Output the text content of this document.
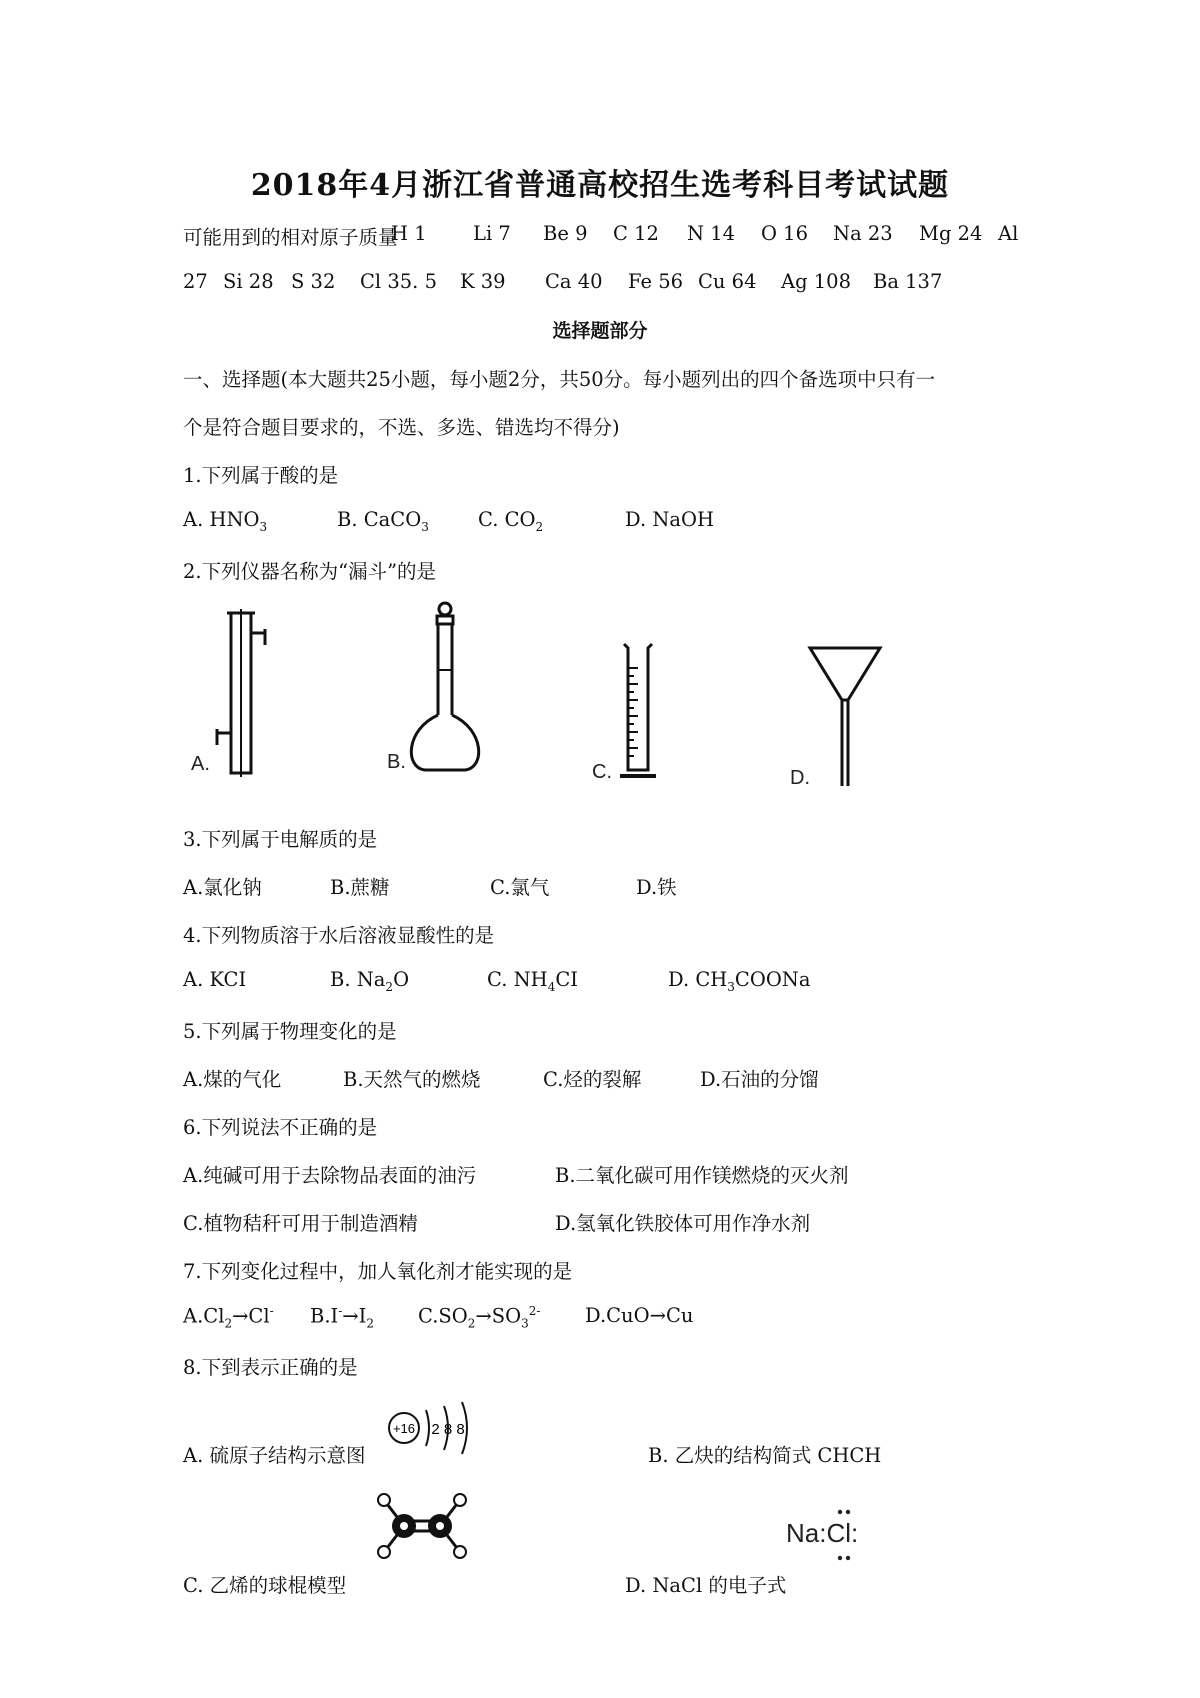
2018年4月浙江省普通高校招生选考科目考试试题
可能用到的相对原子质量
H 1 Li 7 Be 9 C 12 N 14 O 16 Na 23 Mg 24 Al
27 Si 28 S 32 Cl 35. 5 K 39 Ca 40 Fe 56 Cu 64 Ag 108 Ba 137
选择题部分
一、选择题(本大题共25小题，每小题2分，共50分。每小题列出的四个备选项中只有一
个是符合题目要求的，不选、多选、错选均不得分)
1.下列属于酸的是
A. $HNO_3$	B. CaCO$_3$	C. $CO_2$	D. NaOH
2.下列仪器名称为“漏斗”的是
A.	B.	C.	D.
3.下列属于电解质的是
A.氯化钠	B.蔗糖	C.氯气	D.铁
4.下列物质溶于水后溶液显酸性的是
A. KCI	B. $Na_2O$	C. $NH_4CI$	D. $CH_3COONa$
5.下列属于物理变化的是
A.煤的气化	B.天然气的燃烧	C.烃的裂解	D.石油的分馏
6.下列说法不正确的是
A.纯碱可用于去除物品表面的油污	B.二氧化碳可用作镁燃烧的灭火剂
C.植物秸秆可用于制造酒精	D.氢氧化铁胶体可用作净水剂
7.下列变化过程中，加人氧化剂才能实现的是
$A.Cl_2\to Cl^-$ $B.I^-\to I_2$ $C.SO_2\to SO_3^{2-}$ D.CuO→Cu
8.下到表示正确的是
A. 硫原子结构示意图
+16 2 8 8
B. 乙炔的结构简式 CHCH
C. 乙烯的球棍模型	D. NaCl 的电子式
Na:Cl:
